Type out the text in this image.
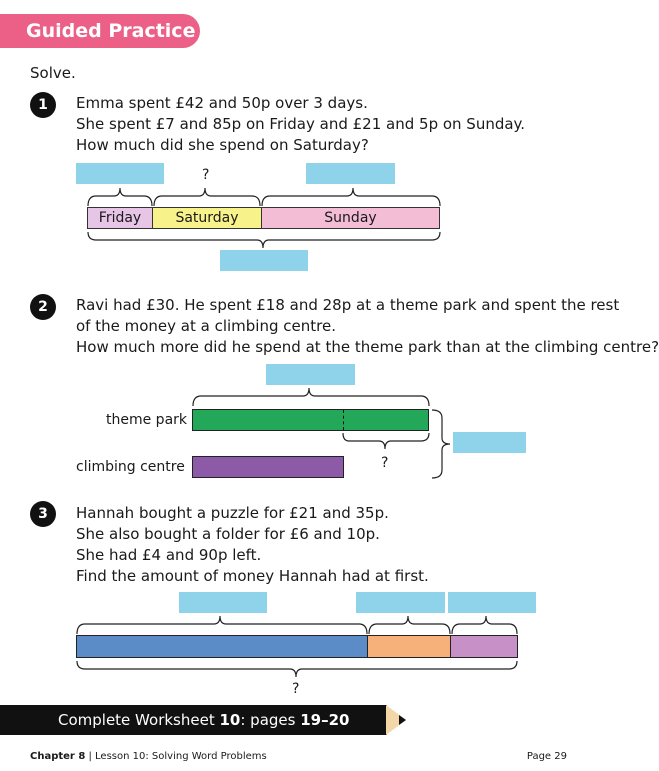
Guided Practice
Solve.
1	Emma spent £42 and 50p over 3 days.
She spent £7 and 85p on Friday and £21 and 5p on Sunday.
How much did she spend on Saturday?
?
Friday	Saturday	Sunday
2	Ravi had £30. He spent £18 and 28p at a theme park and spent the rest
of the money at a climbing centre.
How much more did he spend at the theme park than at the climbing centre?
theme park
?
climbing centre
3	Hannah bought a puzzle for £21 and 35p.
She also bought a folder for £6 and 10p.
She had £4 and 90p left.
Find the amount of money Hannah had at first.
?
Complete Worksheet 10: pages 19–20
Chapter 8 | Lesson 10: Solving Word Problems	Page 29
